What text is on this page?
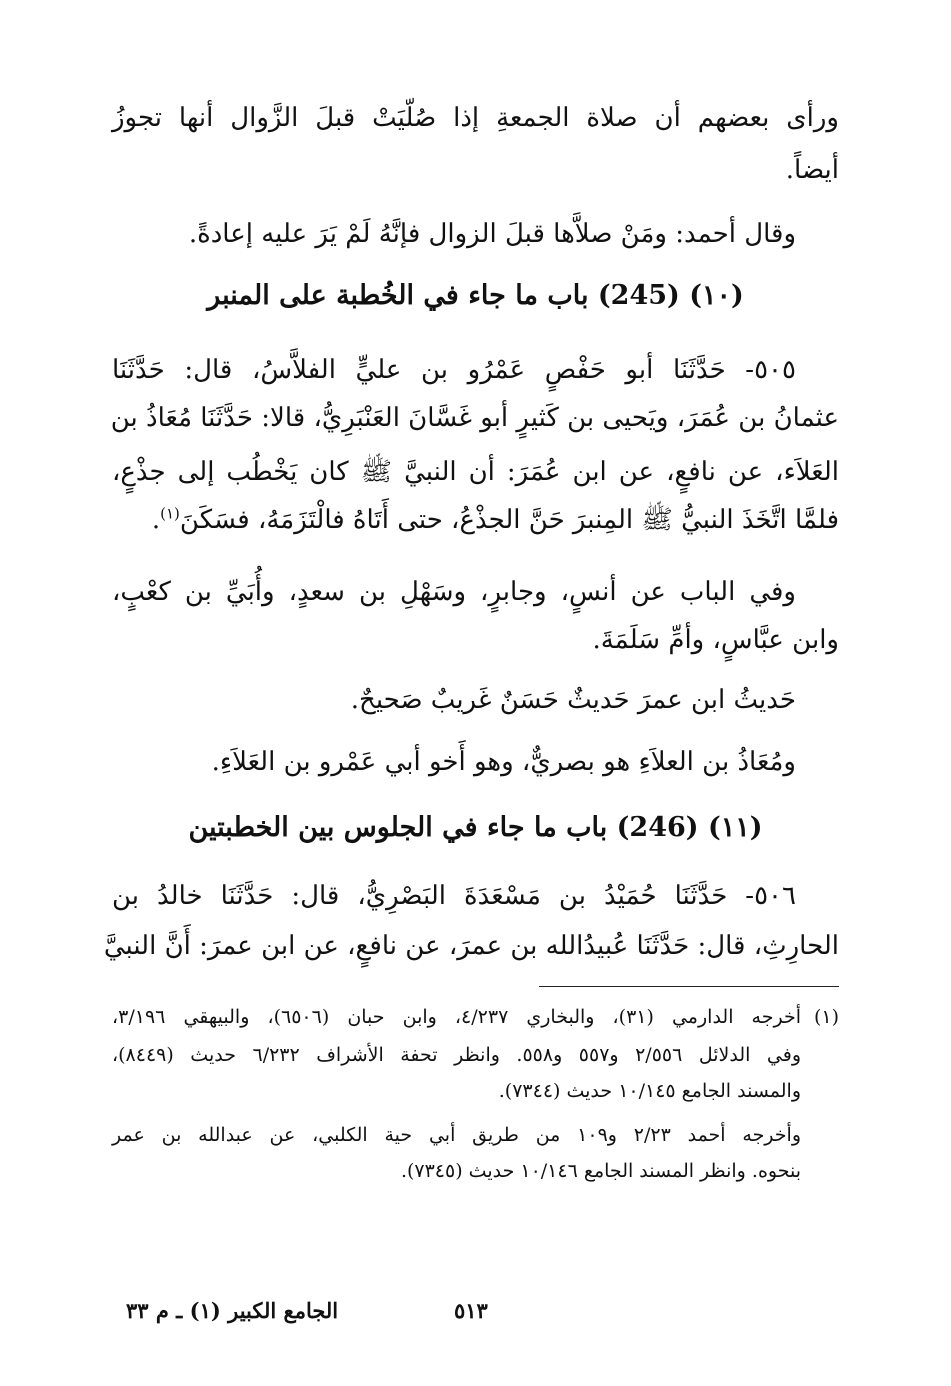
ورأى بعضهم أن صلاة الجمعةِ إذا صُلّيَتْ قبلَ الزَّوال أنها تجوزُ
أيضاً.
وقال أحمد: ومَنْ صلاَّها قبلَ الزوال فإنَّهُ لَمْ يَرَ عليه إعادةً.
(١٠) (245) باب ما جاء في الخُطبة على المنبر
٥٠٥- حَدَّثَنَا أبو حَفْصٍ عَمْرُو بن عليٍّ الفلاَّسُ، قال: حَدَّثَنَا
عثمانُ بن عُمَرَ، ويَحيى بن كَثيرٍ أبو غَسَّانَ العَنْبَرِيُّ، قالا: حَدَّثَنَا مُعَاذُ بن
العَلاَء، عن نافعٍ، عن ابن عُمَرَ: أن النبيَّ ﷺ كان يَخْطُب إلى جذْعٍ،
فلمَّا اتَّخَذَ النبيُّ ﷺ المِنبرَ حَنَّ الجذْعُ، حتى أَتَاهُ فالْتَزَمَهُ، فسَكَنَ$^{(١)}$.
وفي الباب عن أنسٍ، وجابرٍ، وسَهْلِ بن سعدٍ، وأُبَيِّ بن كعْبٍ،
وابن عبَّاسٍ، وأمِّ سَلَمَةَ.
حَديثُ ابن عمرَ حَديثٌ حَسَنٌ غَريبٌ صَحيحٌ.
ومُعَاذُ بن العلاَءِ هو بصريٌّ، وهو أَخو أبي عَمْرو بن العَلاَءِ.
(١١) (246) باب ما جاء في الجلوس بين الخطبتين
٥٠٦- حَدَّثَنَا حُمَيْدُ بن مَسْعَدَةَ البَصْرِيُّ، قال: حَدَّثَنَا خالدُ بن
الحارِثِ، قال: حَدَّثَنَا عُبيدُالله بن عمرَ، عن نافعٍ، عن ابن عمرَ: أَنَّ النبيَّ
(١)أخرجه الدارمي (٣١)، والبخاري ٤/٢٣٧، وابن حبان (٦٥٠٦)، والبيهقي ٣/١٩٦،
وفي الدلائل ٢/٥٥٦ و٥٥٧ و٥٥٨. وانظر تحفة الأشراف ٦/٢٣٢ حديث (٨٤٤٩)،
والمسند الجامع ١٠/١٤٥ حديث (٧٣٤٤).
وأخرجه أحمد ٢/٢٣ و١٠٩ من طريق أبي حية الكلبي، عن عبدالله بن عمر
بنحوه. وانظر المسند الجامع ١٠/١٤٦ حديث (٧٣٤٥).
٥١٣
الجامع الكبير (١) ـ م ٣٣
